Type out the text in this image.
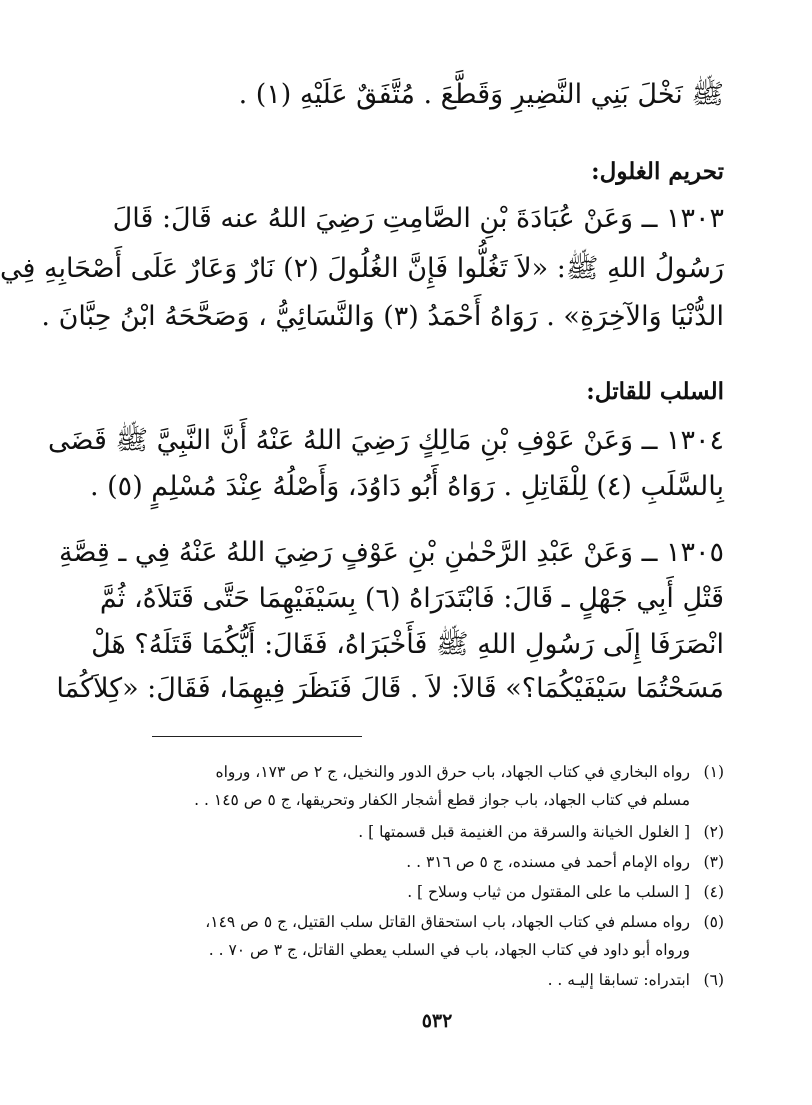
ﷺ نَخْلَ بَنِي النَّضِيرِ وَقَطَّعَ . مُتَّفَقٌ عَلَيْهِ (١) .
تحريم الغلول:
١٣٠٣ ــ وَعَنْ عُبَادَةَ بْنِ الصَّامِتِ رَضِيَ اللهُ عنه قَالَ: قَالَ
رَسُولُ اللهِ ﷺ: «لاَ تَغُلُّوا فَإِنَّ الغُلُولَ (٢) نَارٌ وَعَارٌ عَلَى أَصْحَابِهِ فِي
الدُّنْيَا وَالآخِرَةِ» . رَوَاهُ أَحْمَدُ (٣) وَالنَّسَائِيُّ ، وَصَحَّحَهُ ابْنُ حِبَّانَ .
السلب للقاتل:
١٣٠٤ ــ وَعَنْ عَوْفِ بْنِ مَالِكٍ رَضِيَ اللهُ عَنْهُ أَنَّ النَّبِيَّ ﷺ قَضَى
بِالسَّلَبِ (٤) لِلْقَاتِلِ . رَوَاهُ أَبُو دَاوُدَ، وَأَصْلُهُ عِنْدَ مُسْلِمٍ (٥) .
١٣٠٥ ــ وَعَنْ عَبْدِ الرَّحْمٰنِ بْنِ عَوْفٍ رَضِيَ اللهُ عَنْهُ فِي ـ قِصَّةِ
قَتْلِ أَبِي جَهْلٍ ـ قَالَ: فَابْتَدَرَاهُ (٦) بِسَيْفَيْهِمَا حَتَّى قَتَلاَهُ، ثُمَّ
انْصَرَفَا إِلَى رَسُولِ اللهِ ﷺ فَأَخْبَرَاهُ، فَقَالَ: أَيُّكُمَا قَتَلَهُ؟ هَلْ
مَسَحْتُمَا سَيْفَيْكُمَا؟» قَالاَ: لاَ . قَالَ فَنَظَرَ فِيهِمَا، فَقَالَ: «كِلاَكُمَا
(١)رواه البخاري في كتاب الجهاد، باب حرق الدور والنخيل، ج ٢ ص ١٧٣، ورواه
مسلم في كتاب الجهاد، باب جواز قطع أشجار الكفار وتحريقها، ج ٥ ص ١٤٥ . .
(٢)[ الغلول الخيانة والسرقة من الغنيمة قبل قسمتها ] .
(٣)رواه الإمام أحمد في مسنده، ج ٥ ص ٣١٦ . .
(٤)[ السلب ما على المقتول من ثياب وسلاح ] .
(٥)رواه مسلم في كتاب الجهاد، باب استحقاق القاتل سلب القتيل، ج ٥ ص ١٤٩،
ورواه أبو داود في كتاب الجهاد، باب في السلب يعطي القاتل، ج ٣ ص ٧٠ . .
(٦)ابتدراه: تسابقا إليـه . .
٥٣٢
